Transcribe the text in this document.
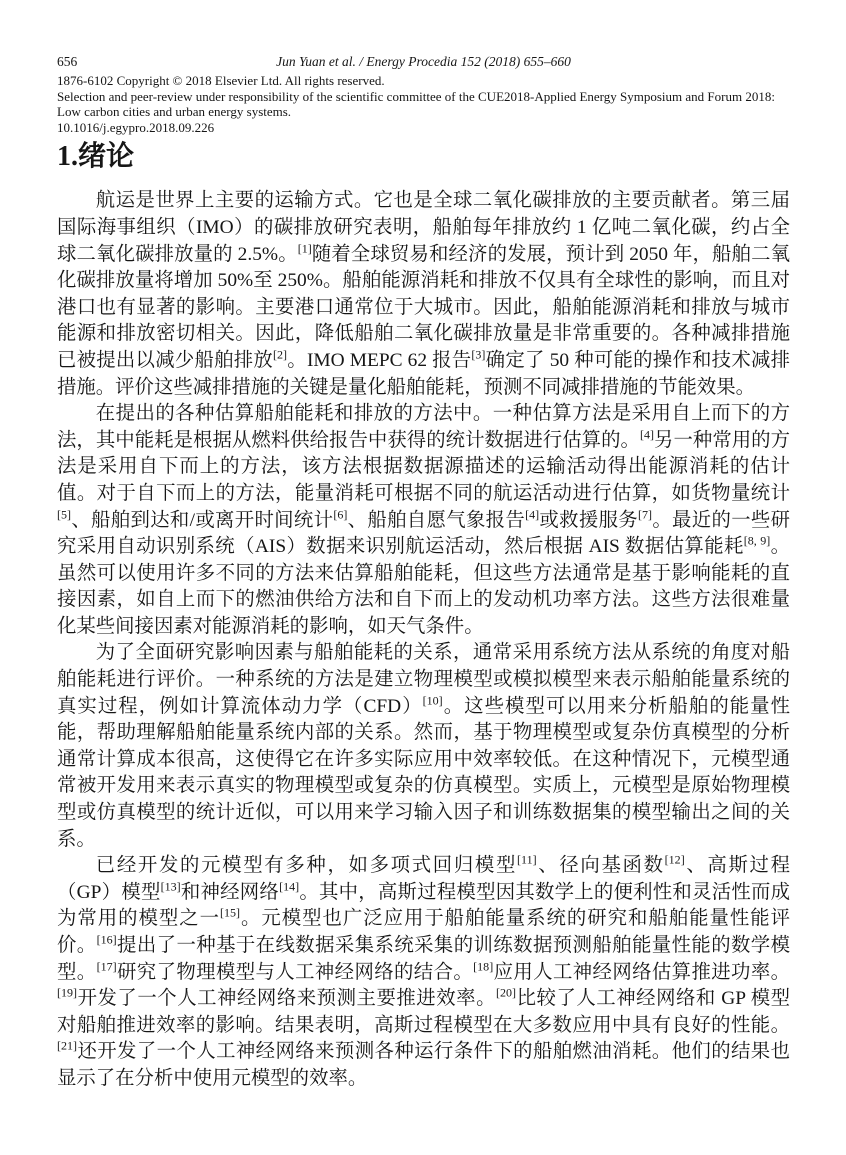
656	Jun Yuan et al. / Energy Procedia 152 (2018) 655–660

1876-6102 Copyright © 2018 Elsevier Ltd. All rights reserved.

Selection and peer-review under responsibility of the scientific committee of the CUE2018-Applied Energy Symposium and Forum 2018: Low carbon cities and urban energy systems.

10.1016/j.egypro.2018.09.226

1.绪论

航运是世界上主要的运输方式。它也是全球二氧化碳排放的主要贡献者。第三届国际海事组织（IMO）的碳排放研究表明，船舶每年排放约 1 亿吨二氧化碳，约占全球二氧化碳排放量的 2.5%。[1]随着全球贸易和经济的发展，预计到 2050 年，船舶二氧化碳排放量将增加 50%至 250%。船舶能源消耗和排放不仅具有全球性的影响，而且对港口也有显著的影响。主要港口通常位于大城市。因此，船舶能源消耗和排放与城市能源和排放密切相关。因此，降低船舶二氧化碳排放量是非常重要的。各种减排措施已被提出以减少船舶排放[2]。IMO MEPC 62 报告[3]确定了 50 种可能的操作和技术减排措施。评价这些减排措施的关键是量化船舶能耗，预测不同减排措施的节能效果。

在提出的各种估算船舶能耗和排放的方法中。一种估算方法是采用自上而下的方法，其中能耗是根据从燃料供给报告中获得的统计数据进行估算的。[4]另一种常用的方法是采用自下而上的方法，该方法根据数据源描述的运输活动得出能源消耗的估计值。对于自下而上的方法，能量消耗可根据不同的航运活动进行估算，如货物量统计[5]、船舶到达和/或离开时间统计[6]、船舶自愿气象报告[4]或救援服务[7]。最近的一些研究采用自动识别系统（AIS）数据来识别航运活动，然后根据 AIS 数据估算能耗[8, 9]。虽然可以使用许多不同的方法来估算船舶能耗，但这些方法通常是基于影响能耗的直接因素，如自上而下的燃油供给方法和自下而上的发动机功率方法。这些方法很难量化某些间接因素对能源消耗的影响，如天气条件。

为了全面研究影响因素与船舶能耗的关系，通常采用系统方法从系统的角度对船舶能耗进行评价。一种系统的方法是建立物理模型或模拟模型来表示船舶能量系统的真实过程，例如计算流体动力学（CFD）[10]。这些模型可以用来分析船舶的能量性能，帮助理解船舶能量系统内部的关系。然而，基于物理模型或复杂仿真模型的分析通常计算成本很高，这使得它在许多实际应用中效率较低。在这种情况下，元模型通常被开发用来表示真实的物理模型或复杂的仿真模型。实质上，元模型是原始物理模型或仿真模型的统计近似，可以用来学习输入因子和训练数据集的模型输出之间的关系。

已经开发的元模型有多种，如多项式回归模型[11]、径向基函数[12]、高斯过程（GP）模型[13]和神经网络[14]。其中，高斯过程模型因其数学上的便利性和灵活性而成为常用的模型之一[15]。元模型也广泛应用于船舶能量系统的研究和船舶能量性能评价。[16]提出了一种基于在线数据采集系统采集的训练数据预测船舶能量性能的数学模型。[17]研究了物理模型与人工神经网络的结合。[18]应用人工神经网络估算推进功率。[19]开发了一个人工神经网络来预测主要推进效率。[20]比较了人工神经网络和 GP 模型对船舶推进效率的影响。结果表明，高斯过程模型在大多数应用中具有良好的性能。[21]还开发了一个人工神经网络来预测各种运行条件下的船舶燃油消耗。他们的结果也显示了在分析中使用元模型的效率。
